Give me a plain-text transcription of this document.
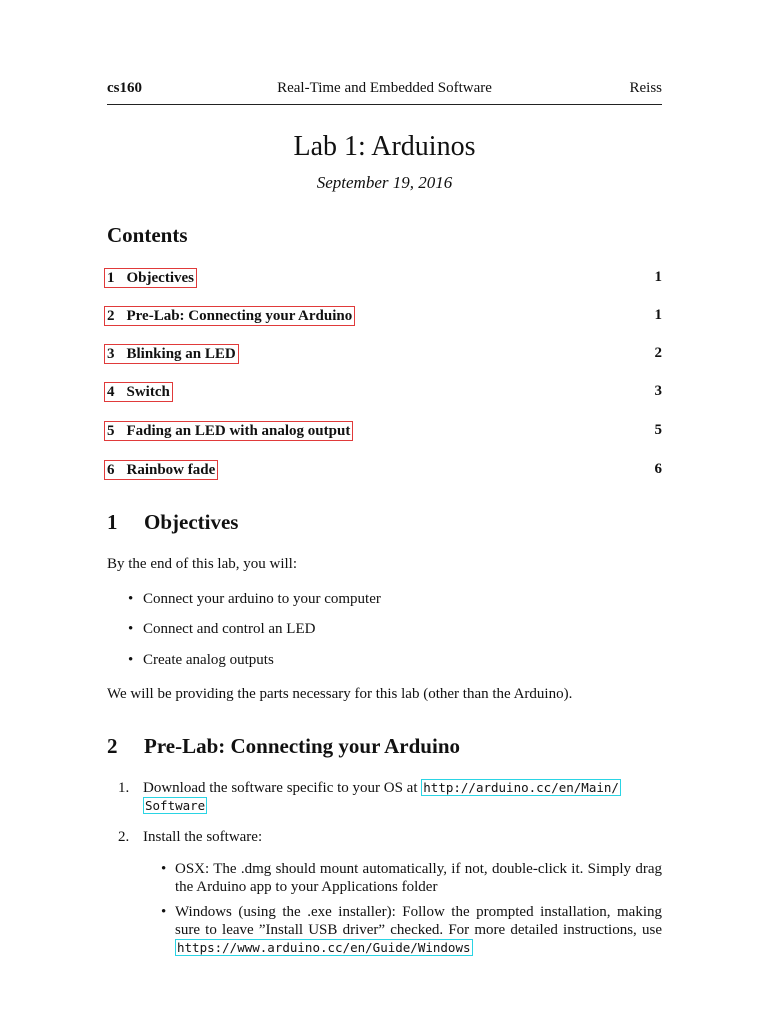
cs160	Real-Time and Embedded Software	Reiss
Lab 1: Arduinos
September 19, 2016
Contents
1 Objectives	1
2 Pre-Lab: Connecting your Arduino	1
3 Blinking an LED	2
4 Switch	3
5 Fading an LED with analog output	5
6 Rainbow fade	6
1 Objectives
By the end of this lab, you will:
• Connect your arduino to your computer
• Connect and control an LED
• Create analog outputs
We will be providing the parts necessary for this lab (other than the Arduino).
2 Pre-Lab: Connecting your Arduino
1. Download the software specific to your OS at http://arduino.cc/en/Main/
Software
2. Install the software:
• OSX: The .dmg should mount automatically, if not, double-click it. Simply drag the Arduino app to your Applications folder
• Windows (using the .exe installer): Follow the prompted installation, making sure to leave ”Install USB driver” checked. For more detailed instructions, use https://www.arduino.cc/en/Guide/Windows
